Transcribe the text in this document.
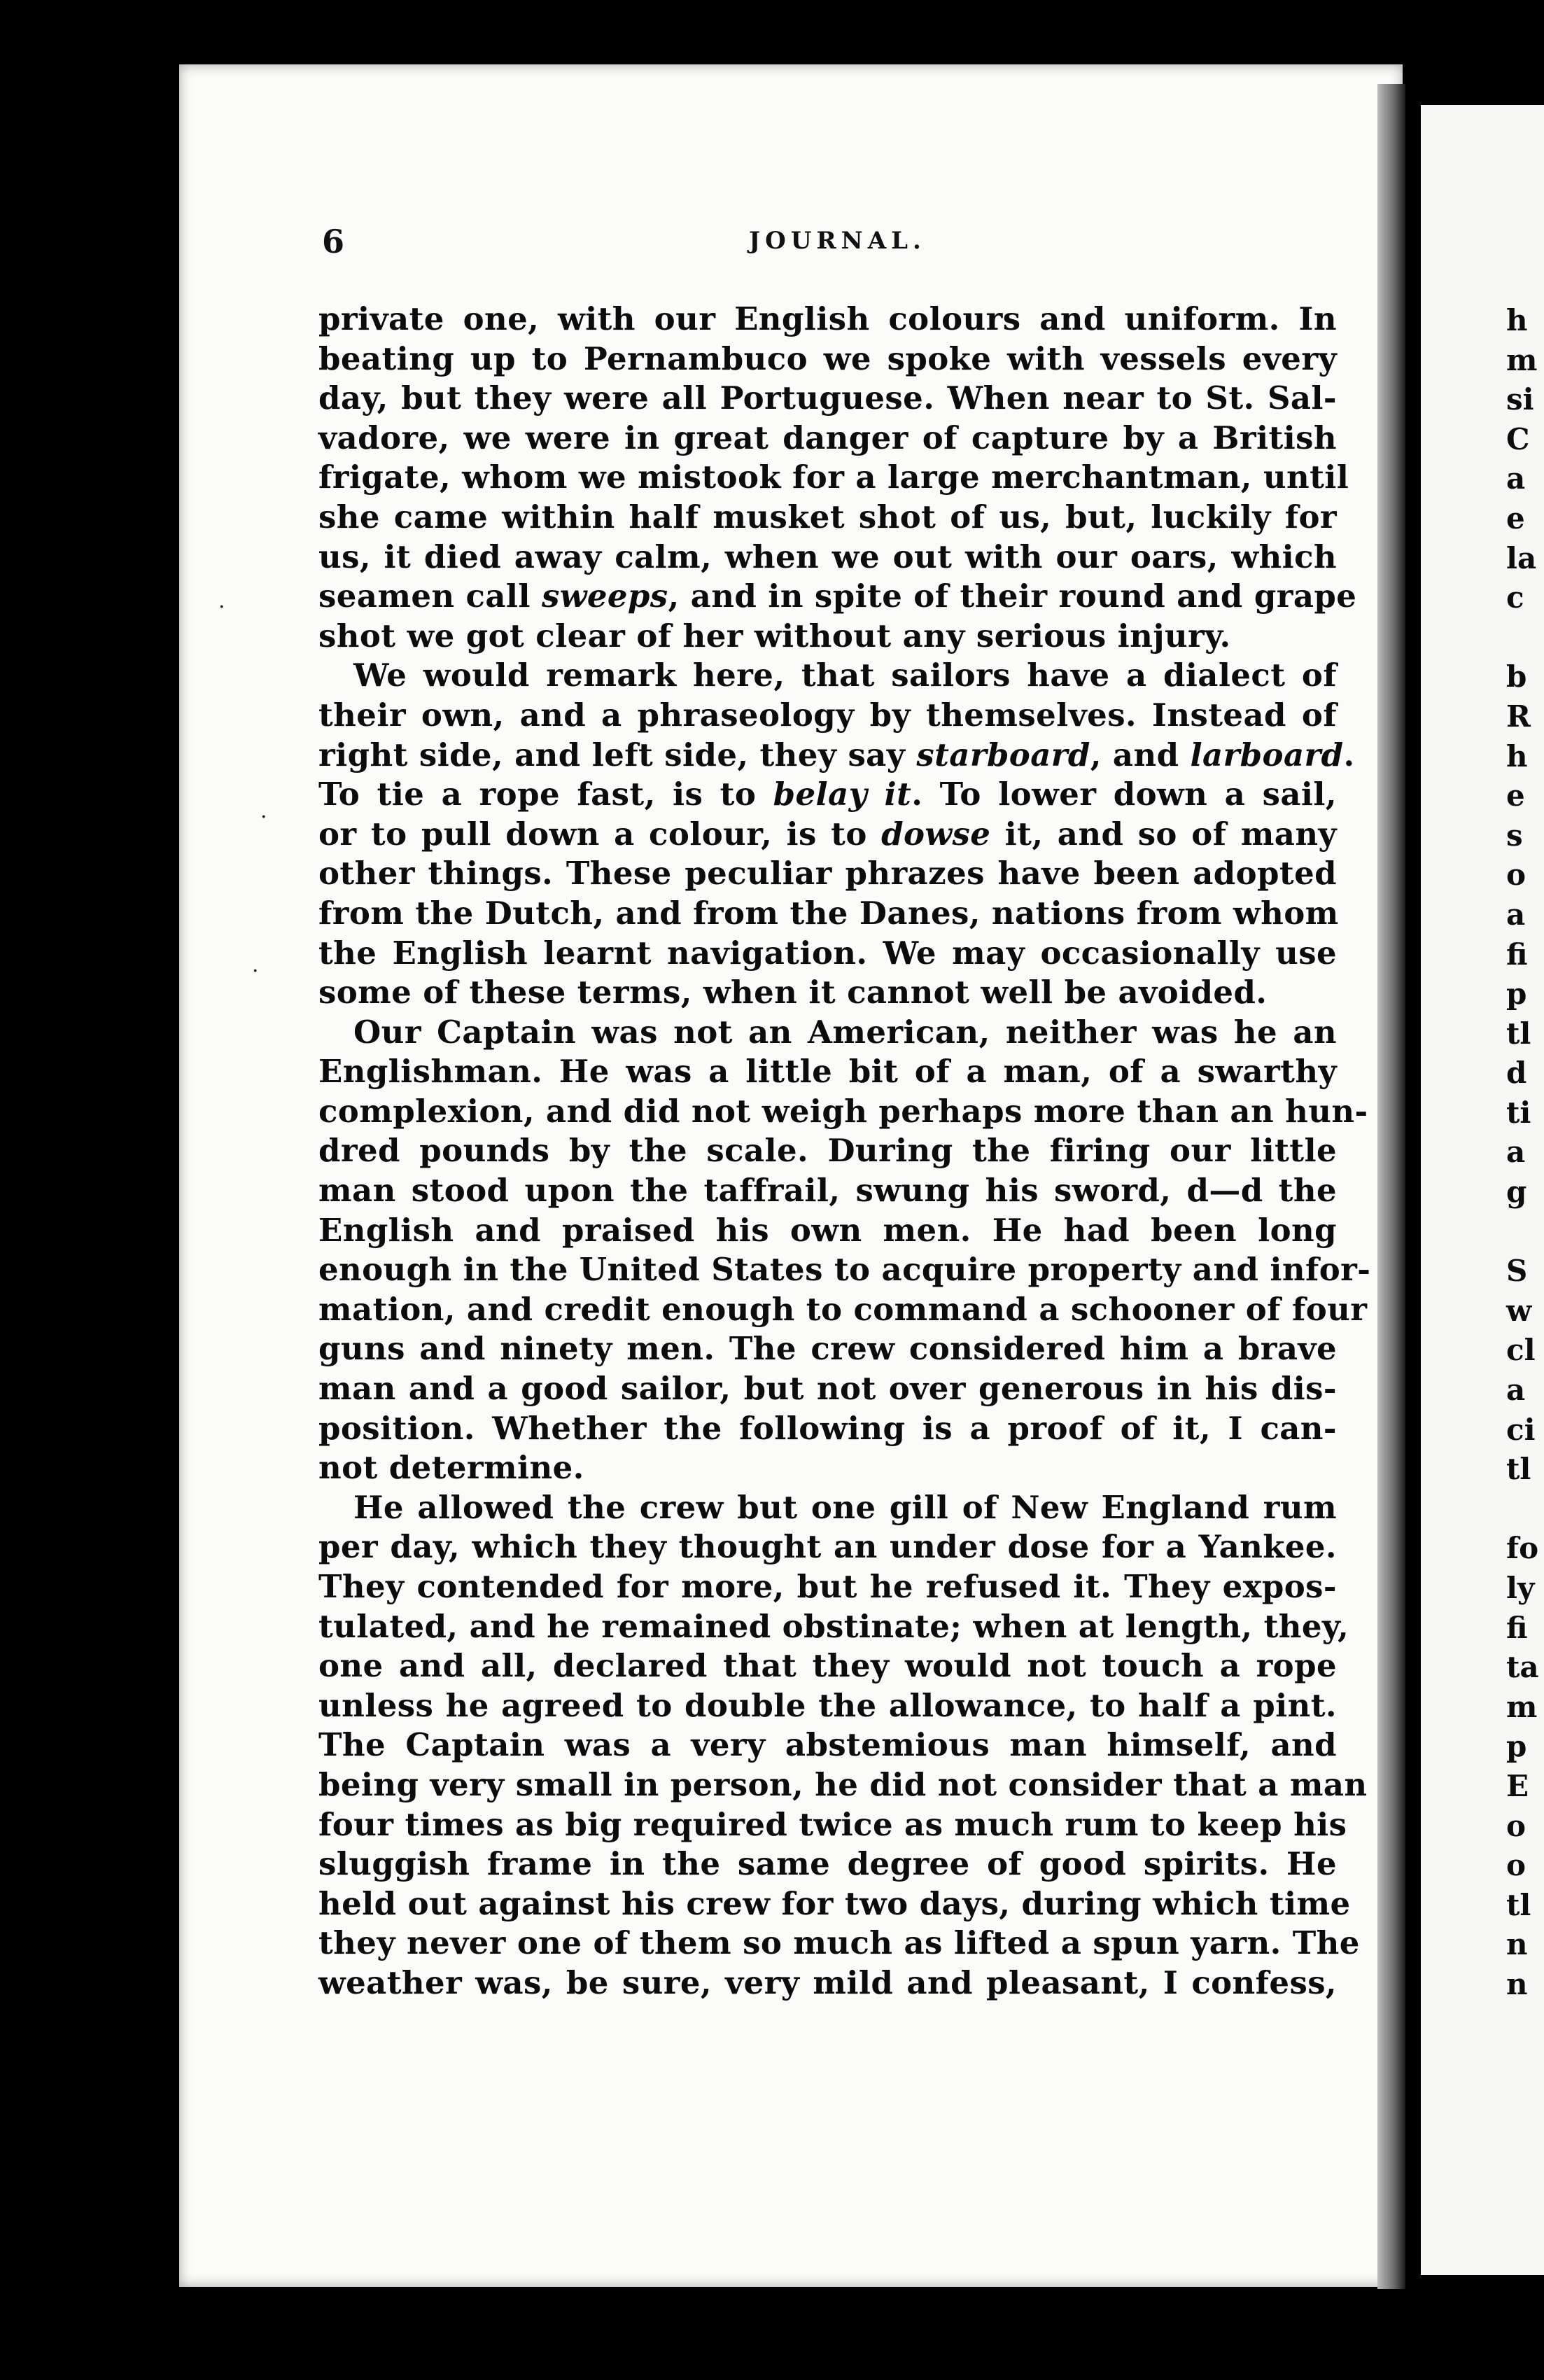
·
·
·
6	JOURNAL.
private one, with our English colours and uniform. In
beating up to Pernambuco we spoke with vessels every
day, but they were all Portuguese. When near to St. Sal-
vadore, we were in great danger of capture by a British
frigate, whom we mistook for a large merchantman, until
she came within half musket shot of us, but, luckily for
us, it died away calm, when we out with our oars, which
seamen call sweeps, and in spite of their round and grape
shot we got clear of her without any serious injury.
We would remark here, that sailors have a dialect of
their own, and a phraseology by themselves. Instead of
right side, and left side, they say starboard, and larboard
To tie a rope fast, is to belay it. To lower down a sail,
or to pull down a colour, is to dowse it, and so of many
other things. These peculiar phrazes have been adopted
from the Dutch, and from the Danes, nations from whom
the English learnt navigation. We may occasionally use
some of these terms, when it cannot well be avoided.
Our Captain was not an American, neither was he an
Englishman. He was a little bit of a man, of a swarthy
complexion, and did not weigh perhaps more than an hun-
dred pounds by the scale. During the firing our little
man stood upon the taffrail, swung his sword, d—d the
English and praised his own men. He had been long
enough in the United States to acquire property and infor-
mation, and credit enough to command a schooner of four
guns and ninety men. The crew considered him a brave
man and a good sailor, but not over generous in his dis-
position. Whether the following is a proof of it, I can-
not determine.
He allowed the crew but one gill of New England rum
per day, which they thought an under dose for a Yankee.
They contended for more, but he refused it. They expos-
tulated, and he remained obstinate; when at length, they,
one and all, declared that they would not touch a rope
unless he agreed to double the allowance, to half a pint.
The Captain was a very abstemious man himself, and
being very small in person, he did not consider that a man
four times as big required twice as much rum to keep his
sluggish frame in the same degree of good spirits. He
held out against his crew for two days, during which time
they never one of them so much as lifted a spun yarn. The
weather was, be sure, very mild and pleasant, I confess,
h
m
si
C
a
e
la
c
b
R
h
e
s
o
a
fi
p
tl
d
ti
a
g
S
w
cl
a
ci
tl
fo
ly
fi
ta
m
p
E
o
o
tl
n
n
